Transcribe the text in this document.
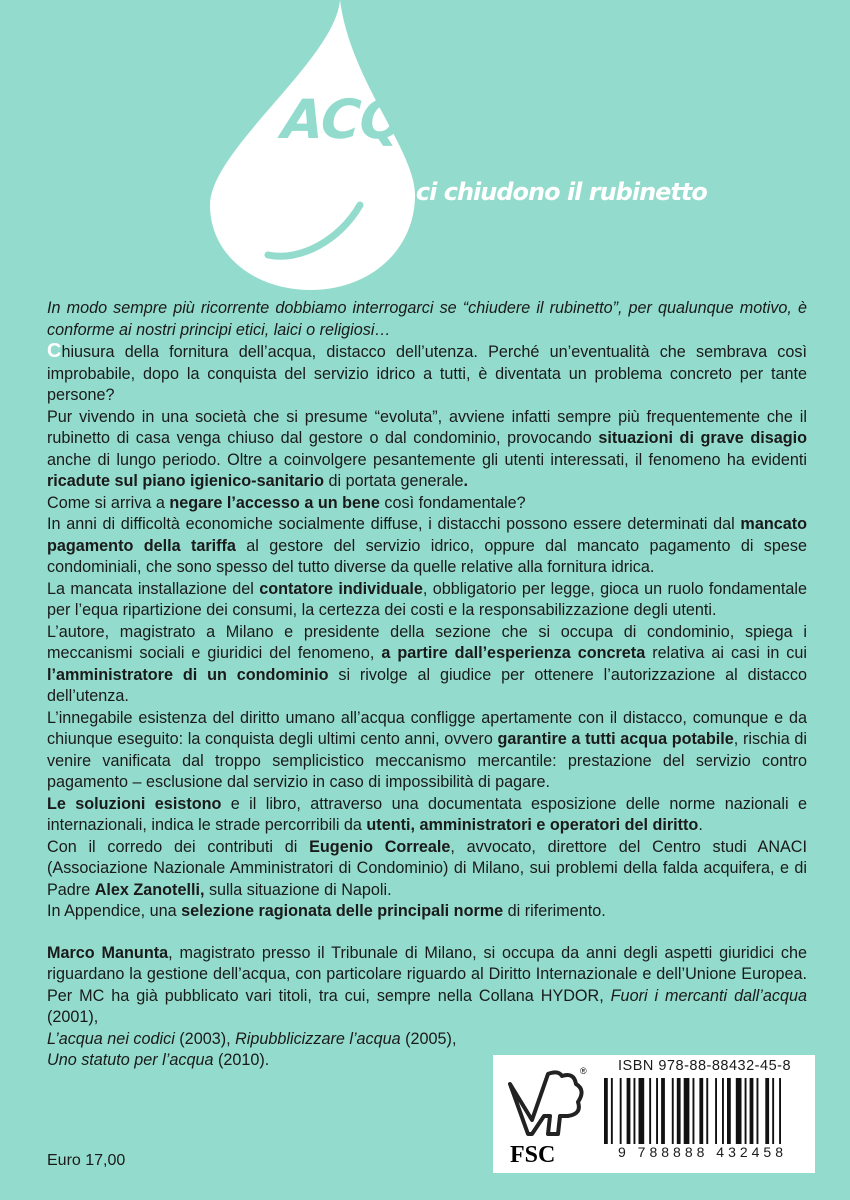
ACQUA
se ci chiudono il rubinetto

In modo sempre più ricorrente dobbiamo interrogarci se “chiudere il rubinetto”, per qualunque motivo, è conforme ai nostri principi etici, laici o religiosi…

Chiusura della fornitura dell’acqua, distacco dell’utenza. Perché un’eventualità che sembrava così improbabile, dopo la conquista del servizio idrico a tutti, è diventata un problema concreto per tante persone?

Pur vivendo in una società che si presume “evoluta”, avviene infatti sempre più frequentemente che il rubinetto di casa venga chiuso dal gestore o dal condominio, provocando situazioni di grave disagio anche di lungo periodo. Oltre a coinvolgere pesantemente gli utenti interessati, il fenomeno ha evidenti ricadute sul piano igienico-sanitario di portata generale.

Come si arriva a negare l’accesso a un bene così fondamentale?

In anni di difficoltà economiche socialmente diffuse, i distacchi possono essere determinati dal mancato pagamento della tariffa al gestore del servizio idrico, oppure dal mancato pagamento di spese condominiali, che sono spesso del tutto diverse da quelle relative alla fornitura idrica.

La mancata installazione del contatore individuale, obbligatorio per legge, gioca un ruolo fondamentale per l’equa ripartizione dei consumi, la certezza dei costi e la responsabilizzazione degli utenti.

L’autore, magistrato a Milano e presidente della sezione che si occupa di condominio, spiega i meccanismi sociali e giuridici del fenomeno, a partire dall’esperienza concreta relativa ai casi in cui l’amministratore di un condominio si rivolge al giudice per ottenere l’autorizzazione al distacco dell’utenza.

L’innegabile esistenza del diritto umano all’acqua confligge apertamente con il distacco, comunque e da chiunque eseguito: la conquista degli ultimi cento anni, ovvero garantire a tutti acqua potabile, rischia di venire vanificata dal troppo semplicistico meccanismo mercantile: prestazione del servizio contro pagamento – esclusione dal servizio in caso di impossibilità di pagare.

Le soluzioni esistono e il libro, attraverso una documentata esposizione delle norme nazionali e internazionali, indica le strade percorribili da utenti, amministratori e operatori del diritto.

Con il corredo dei contributi di Eugenio Correale, avvocato, direttore del Centro studi ANACI (Associazione Nazionale Amministratori di Condominio) di Milano, sui problemi della falda acquifera, e di Padre Alex Zanotelli, sulla situazione di Napoli.

In Appendice, una selezione ragionata delle principali norme di riferimento.

Marco Manunta, magistrato presso il Tribunale di Milano, si occupa da anni degli aspetti giuridici che riguardano la gestione dell’acqua, con particolare riguardo al Diritto Internazionale e dell’Unione Europea. Per MC ha già pubblicato vari titoli, tra cui, sempre nella Collana HYDOR, Fuori i mercanti dall’acqua (2001),
L’acqua nei codici (2003), Ripubblicizzare l’acqua (2005),
Uno statuto per l’acqua (2010).	ISBN 978-88-88432-45-8
®
FSC	9 788888 432458
Euro 17,00
